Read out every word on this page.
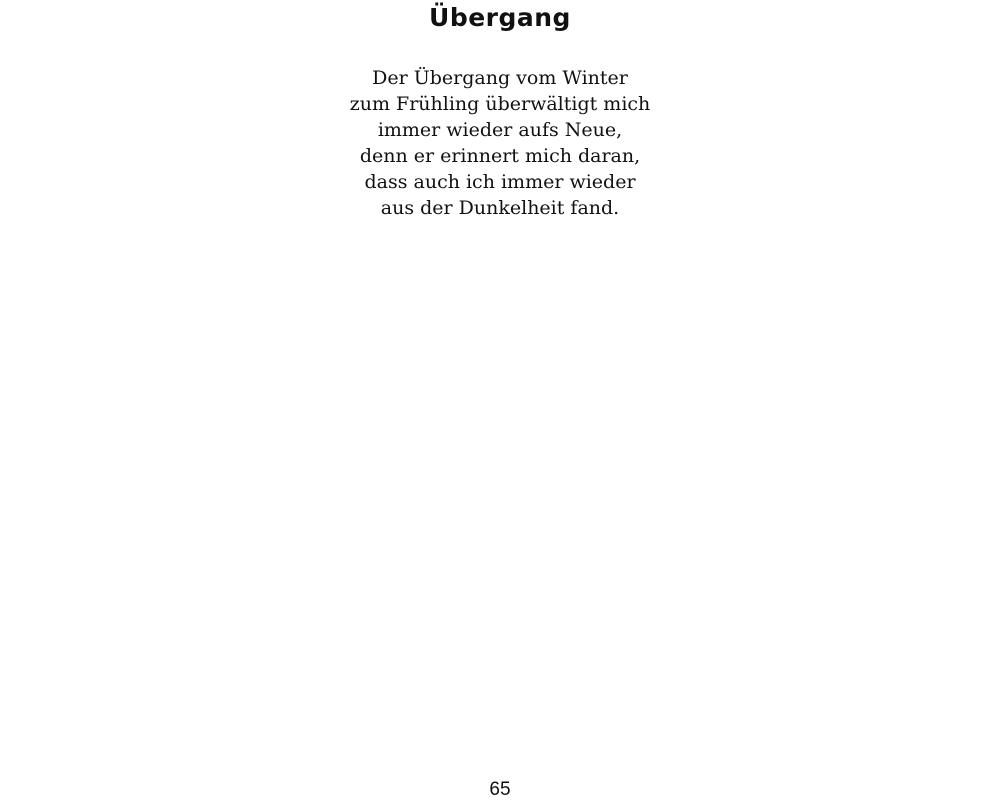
Übergang
Der Übergang vom Winter
zum Frühling überwältigt mich
immer wieder aufs Neue,
denn er erinnert mich daran,
dass auch ich immer wieder
aus der Dunkelheit fand.
65
